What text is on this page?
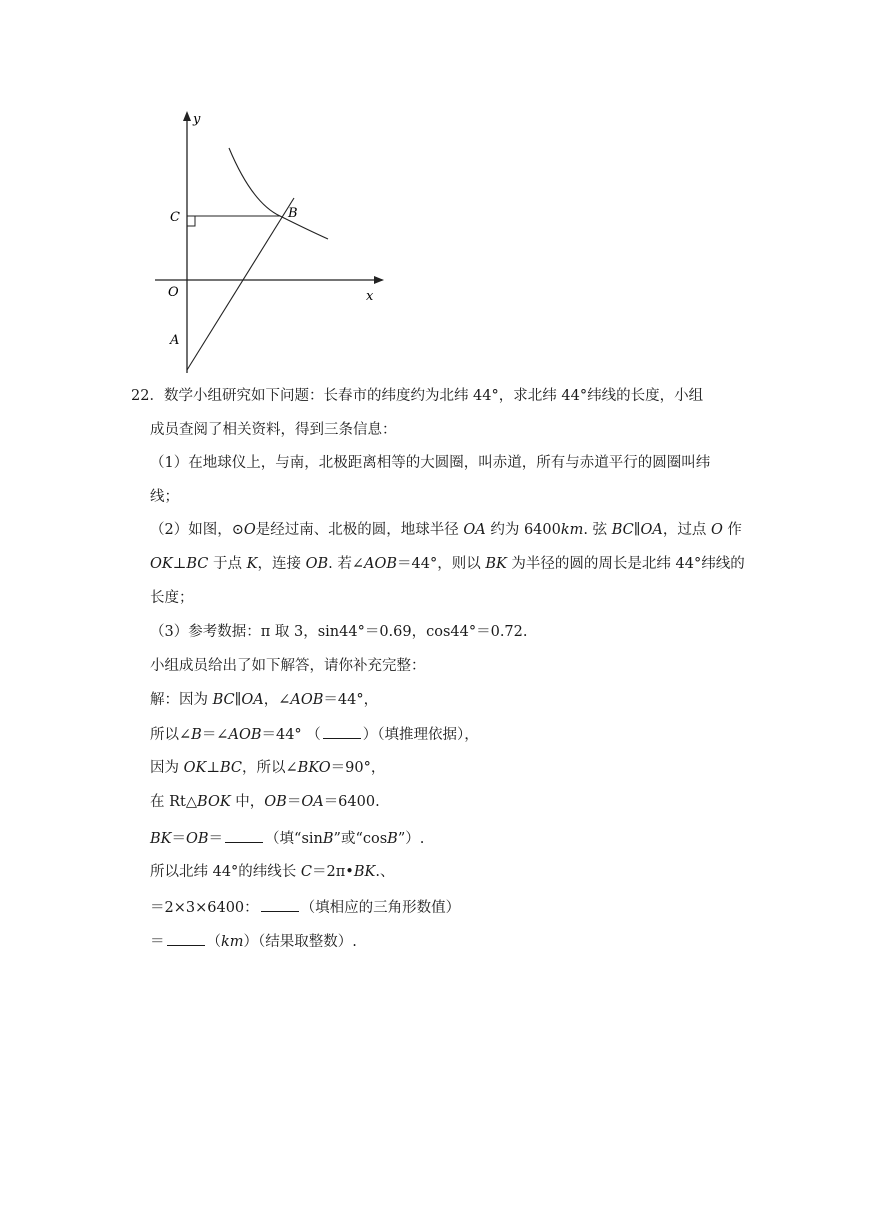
y
x
C	B
O
A
22．数学小组研究如下问题：长春市的纬度约为北纬 44°，求北纬 44°纬线的长度，小组
成员查阅了相关资料，得到三条信息：
（1）在地球仪上，与南，北极距离相等的大圆圈，叫赤道，所有与赤道平行的圆圈叫纬
线；
（2）如图，⊙O是经过南、北极的圆，地球半径 OA 约为 6400km. 弦 BC∥OA，过点 O 作
OK⊥BC 于点 K，连接 OB. 若∠AOB＝44°，则以 BK 为半径的圆的周长是北纬 44°纬线的
长度；
（3）参考数据：π 取 3，sin44°＝0.69，cos44°＝0.72.
小组成员给出了如下解答，请你补充完整：
解：因为 BC∥OA，∠AOB＝44°，
所以∠B＝∠AOB＝44° （	）（填推理依据），
因为 OK⊥BC，所以∠BKO＝90°，
在 Rt△BOK 中，OB＝OA＝6400.
BK＝OB＝	（填“sinB”或“cosB”）.
所以北纬 44°的纬线长 C＝2π•BK.、
＝2×3×6400：	（填相应的三角形数值）
＝	（km）（结果取整数）.
